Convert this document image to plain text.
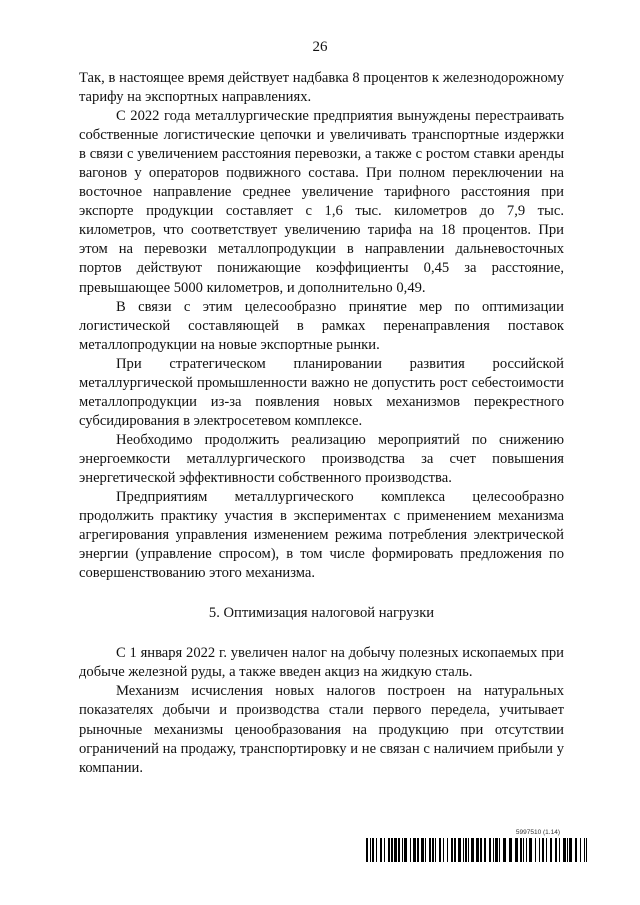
26

Так, в настоящее время действует надбавка 8 процентов к железнодорожному тарифу на экспортных направлениях.

С 2022 года металлургические предприятия вынуждены перестраивать собственные логистические цепочки и увеличивать транспортные издержки в связи с увеличением расстояния перевозки, а также с ростом ставки аренды вагонов у операторов подвижного состава. При полном переключении на восточное направление среднее увеличение тарифного расстояния при экспорте продукции составляет с 1,6 тыс. километров до 7,9 тыс. километров, что соответствует увеличению тарифа на 18 процентов. При этом на перевозки металлопродукции в направлении дальневосточных портов действуют понижающие коэффициенты 0,45 за расстояние, превышающее 5000 километров, и дополнительно 0,49.

В связи с этим целесообразно принятие мер по оптимизации логистической составляющей в рамках перенаправления поставок металлопродукции на новые экспортные рынки.

При стратегическом планировании развития российской металлургической промышленности важно не допустить рост себестоимости металлопродукции из-за появления новых механизмов перекрестного субсидирования в электросетевом комплексе.

Необходимо продолжить реализацию мероприятий по снижению энергоемкости металлургического производства за счет повышения энергетической эффективности собственного производства.

Предприятиям металлургического комплекса целесообразно продолжить практику участия в экспериментах с применением механизма агрегирования управления изменением режима потребления электрической энергии (управление спросом), в том числе формировать предложения по совершенствованию этого механизма.

5. Оптимизация налоговой нагрузки

С 1 января 2022 г. увеличен налог на добычу полезных ископаемых при добыче железной руды, а также введен акциз на жидкую сталь.

Механизм исчисления новых налогов построен на натуральных показателях добычи и производства стали первого передела, учитывает рыночные механизмы ценообразования на продукцию при отсутствии ограничений на продажу, транспортировку и не связан с наличием прибыли у компании.

5997510 (1.14)
